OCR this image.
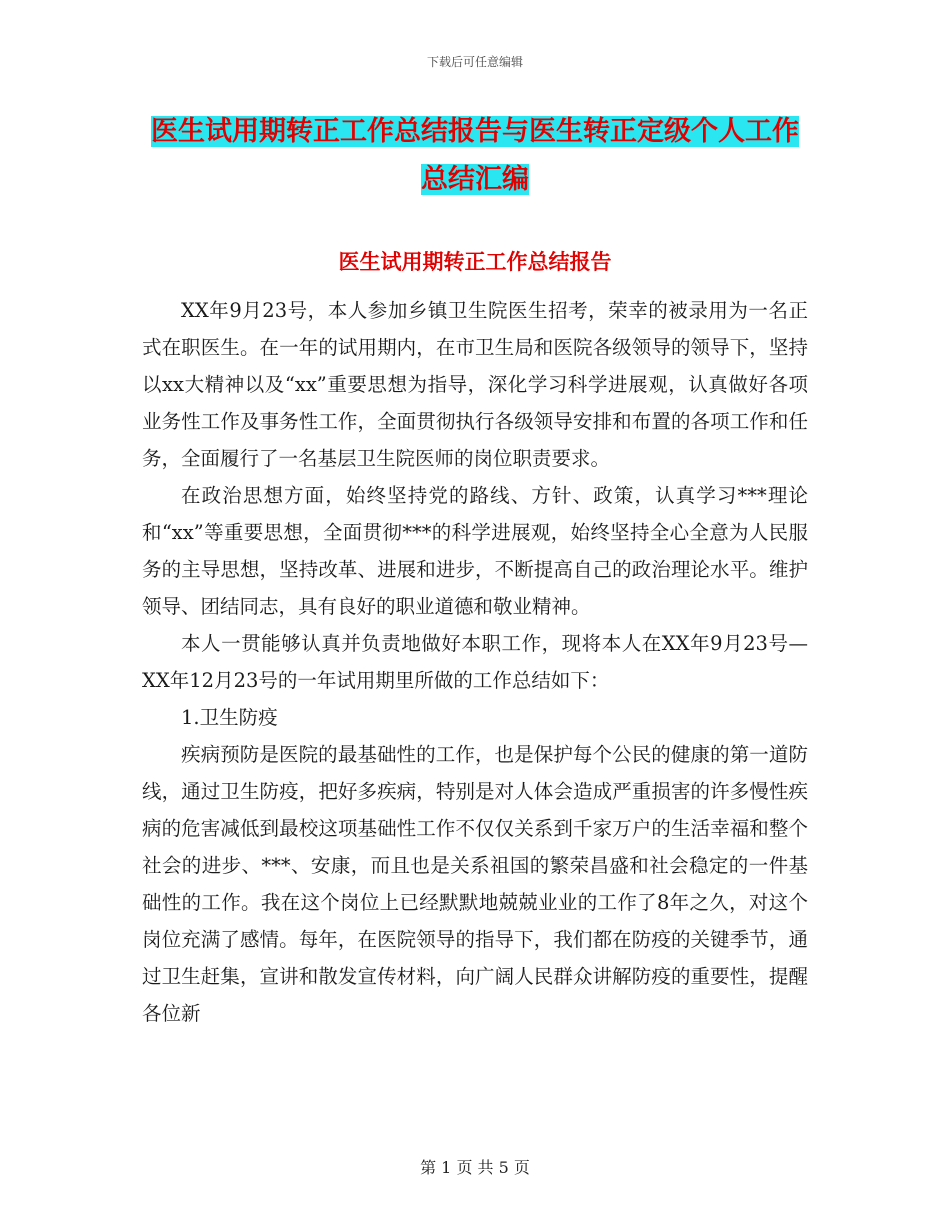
下载后可任意编辑
医生试用期转正工作总结报告与医生转正定级个人工作总结汇编
医生试用期转正工作总结报告

XX年9月23号，本人参加乡镇卫生院医生招考，荣幸的被录用为一名正式在职医生。在一年的试用期内，在市卫生局和医院各级领导的领导下，坚持以xx大精神以及“xx”重要思想为指导，深化学习科学进展观，认真做好各项业务性工作及事务性工作，全面贯彻执行各级领导安排和布置的各项工作和任务，全面履行了一名基层卫生院医师的岗位职责要求。

在政治思想方面，始终坚持党的路线、方针、政策，认真学习***理论和“xx”等重要思想，全面贯彻***的科学进展观，始终坚持全心全意为人民服务的主导思想，坚持改革、进展和进步，不断提高自己的政治理论水平。维护领导、团结同志，具有良好的职业道德和敬业精神。

本人一贯能够认真并负责地做好本职工作，现将本人在XX年9月23号—XX年12月23号的一年试用期里所做的工作总结如下：

1.卫生防疫

疾病预防是医院的最基础性的工作，也是保护每个公民的健康的第一道防线，通过卫生防疫，把好多疾病，特别是对人体会造成严重损害的许多慢性疾病的危害减低到最校这项基础性工作不仅仅关系到千家万户的生活幸福和整个社会的进步、***、安康，而且也是关系祖国的繁荣昌盛和社会稳定的一件基础性的工作。我在这个岗位上已经默默地兢兢业业的工作了8年之久，对这个岗位充满了感情。每年，在医院领导的指导下，我们都在防疫的关键季节，通过卫生赶集，宣讲和散发宣传材料，向广阔人民群众讲解防疫的重要性，提醒各位新

第 1 页 共 5 页
